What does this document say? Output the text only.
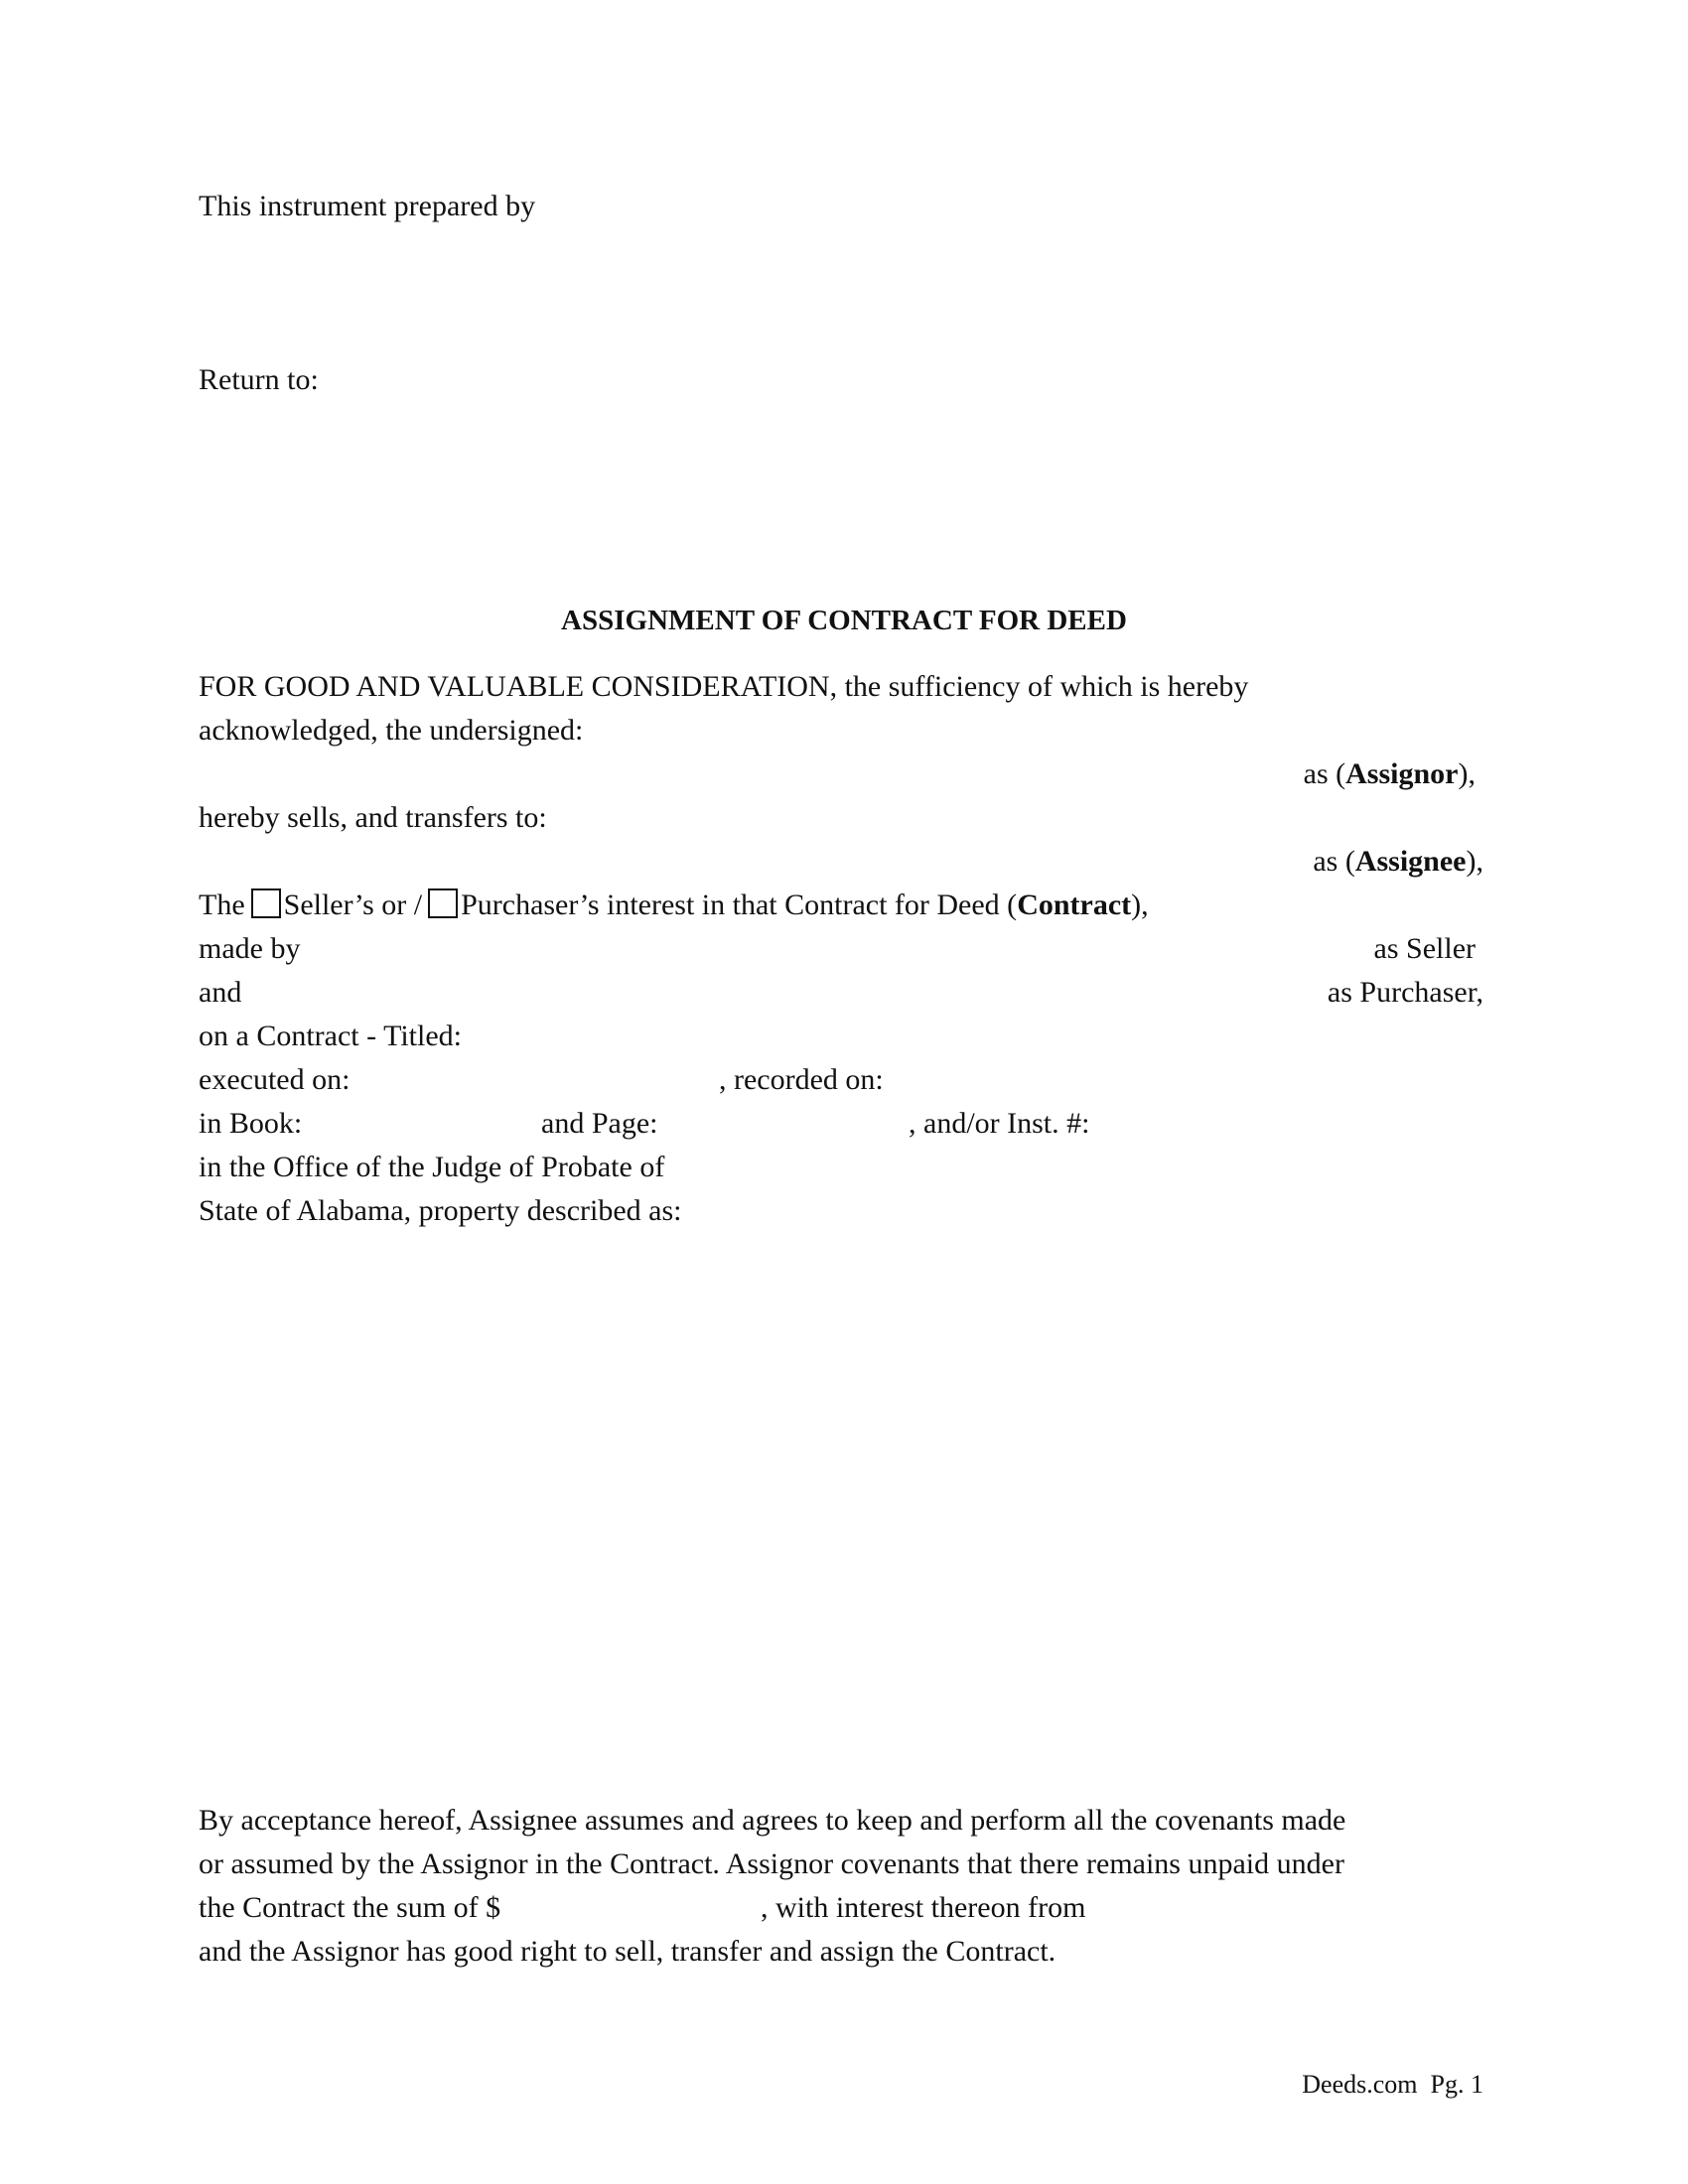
This instrument prepared by
Return to:
ASSIGNMENT OF CONTRACT FOR DEED
FOR GOOD AND VALUABLE CONSIDERATION, the sufficiency of which is hereby
acknowledged, the undersigned:
as (Assignor),
hereby sells, and transfers to:
as (Assignee),
The Seller’s or / Purchaser’s interest in that Contract for Deed (Contract),
made by	as Seller
and	as Purchaser,
on a Contract - Titled:
executed on:	, recorded on:
in Book:	and Page:	, and/or Inst. #:
in the Office of the Judge of Probate of
State of Alabama, property described as:
By acceptance hereof, Assignee assumes and agrees to keep and perform all the covenants made
or assumed by the Assignor in the Contract. Assignor covenants that there remains unpaid under
the Contract the sum of $	, with interest thereon from
and the Assignor has good right to sell, transfer and assign the Contract.
Deeds.com Pg. 1
